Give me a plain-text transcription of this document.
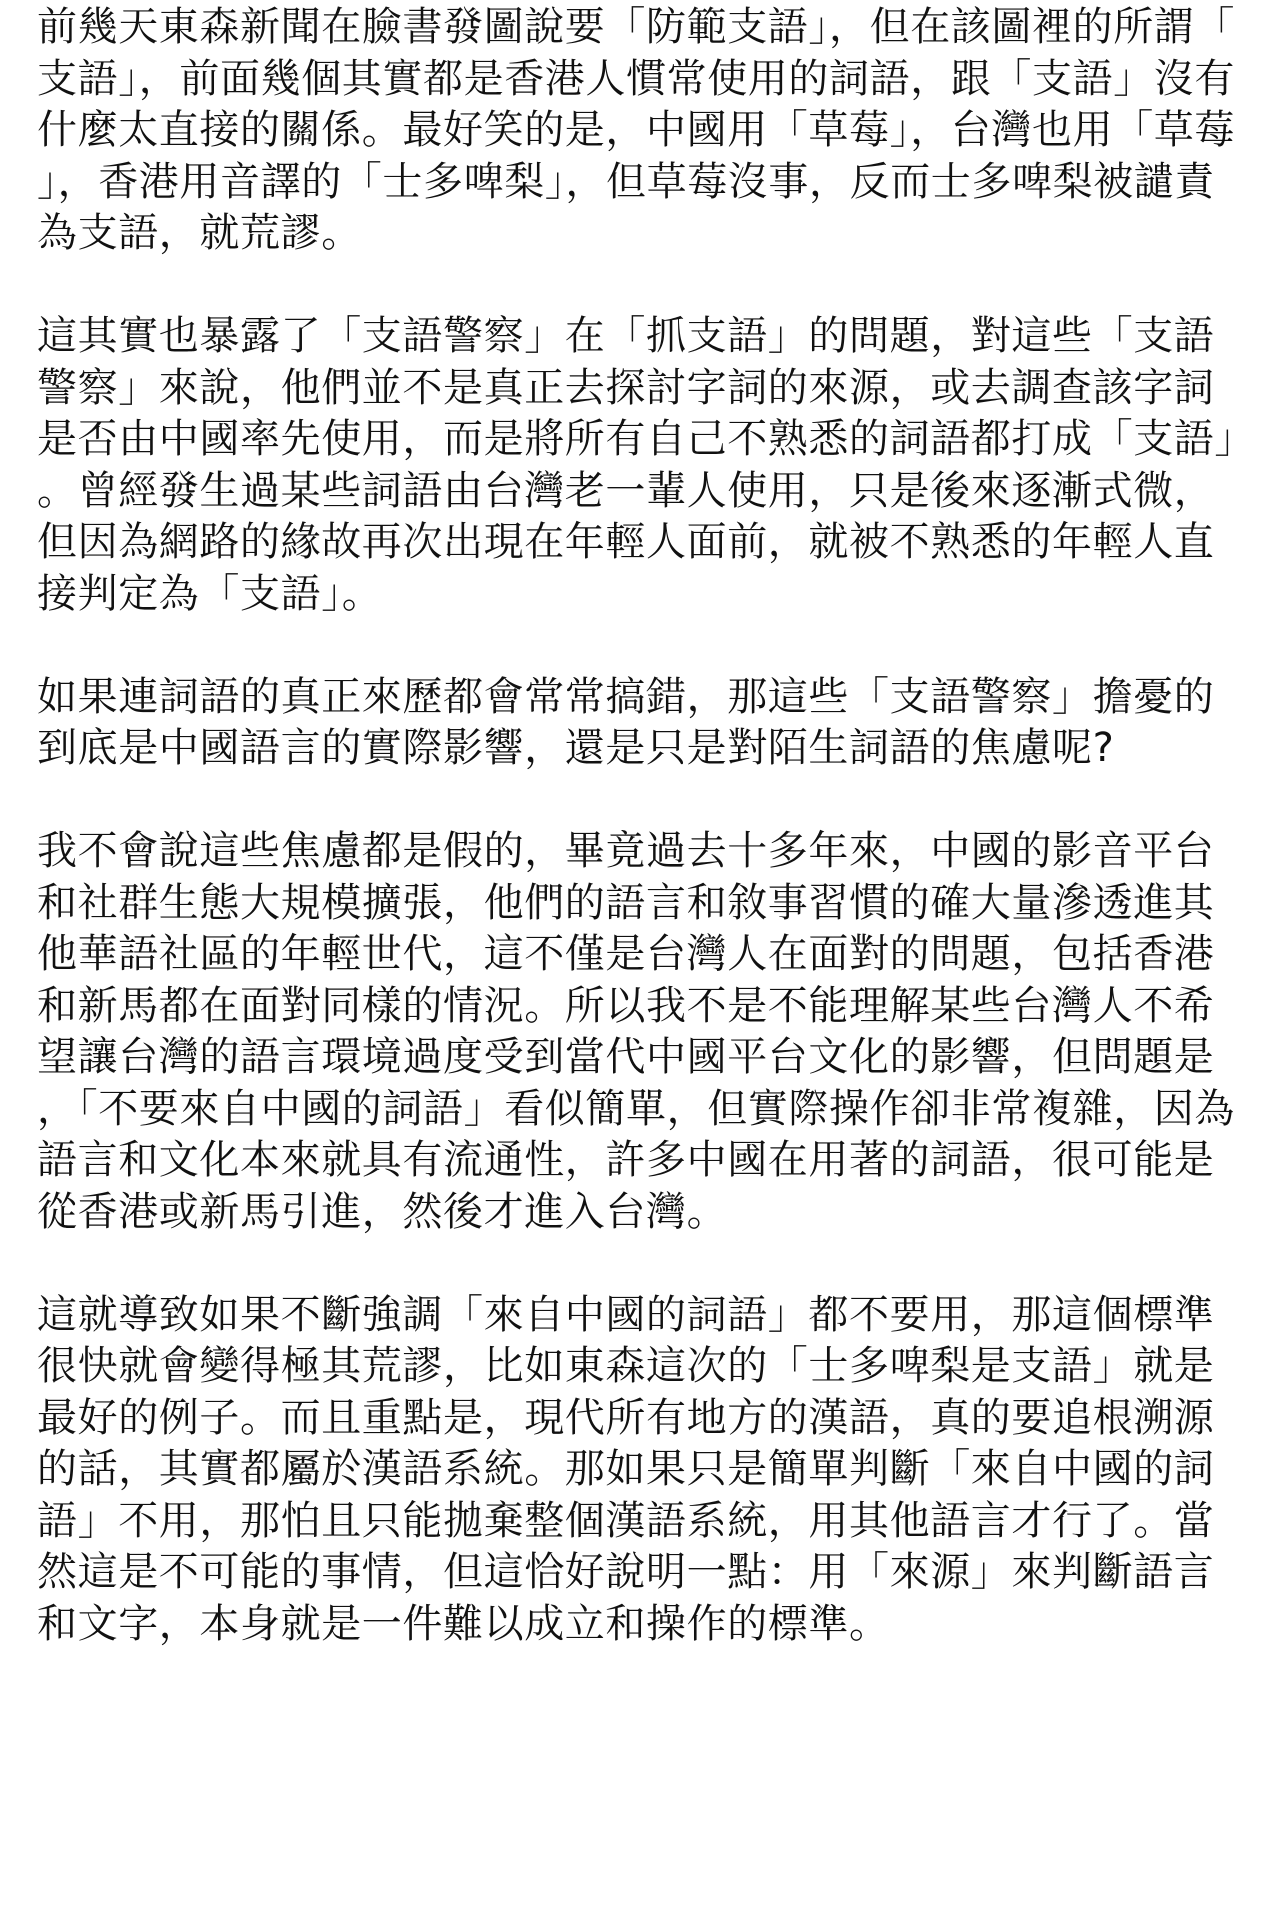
前幾天東森新聞在臉書發圖說要「防範支語」，但在該圖裡的所謂「支語」，前面幾個其實都是香港人慣常使用的詞語，跟「支語」沒有什麼太直接的關係。最好笑的是，中國用「草莓」，台灣也用「草莓」，香港用音譯的「士多啤梨」，但草莓沒事，反而士多啤梨被譴責為支語，就荒謬。

這其實也暴露了「支語警察」在「抓支語」的問題，對這些「支語警察」來說，他們並不是真正去探討字詞的來源，或去調查該字詞是否由中國率先使用，而是將所有自己不熟悉的詞語都打成「支語」。曾經發生過某些詞語由台灣老一輩人使用，只是後來逐漸式微，但因為網路的緣故再次出現在年輕人面前，就被不熟悉的年輕人直接判定為「支語」。

如果連詞語的真正來歷都會常常搞錯，那這些「支語警察」擔憂的到底是中國語言的實際影響，還是只是對陌生詞語的焦慮呢?

我不會說這些焦慮都是假的，畢竟過去十多年來，中國的影音平台和社群生態大規模擴張，他們的語言和敘事習慣的確大量滲透進其他華語社區的年輕世代，這不僅是台灣人在面對的問題，包括香港和新馬都在面對同樣的情況。所以我不是不能理解某些台灣人不希望讓台灣的語言環境過度受到當代中國平台文化的影響，但問題是，「不要來自中國的詞語」看似簡單，但實際操作卻非常複雜，因為語言和文化本來就具有流通性，許多中國在用著的詞語，很可能是從香港或新馬引進，然後才進入台灣。

這就導致如果不斷強調「來自中國的詞語」都不要用，那這個標準很快就會變得極其荒謬，比如東森這次的「士多啤梨是支語」就是最好的例子。而且重點是，現代所有地方的漢語，真的要追根溯源的話，其實都屬於漢語系統。那如果只是簡單判斷「來自中國的詞語」不用，那怕且只能拋棄整個漢語系統，用其他語言才行了。當然這是不可能的事情，但這恰好說明一點：用「來源」來判斷語言和文字，本身就是一件難以成立和操作的標準。
